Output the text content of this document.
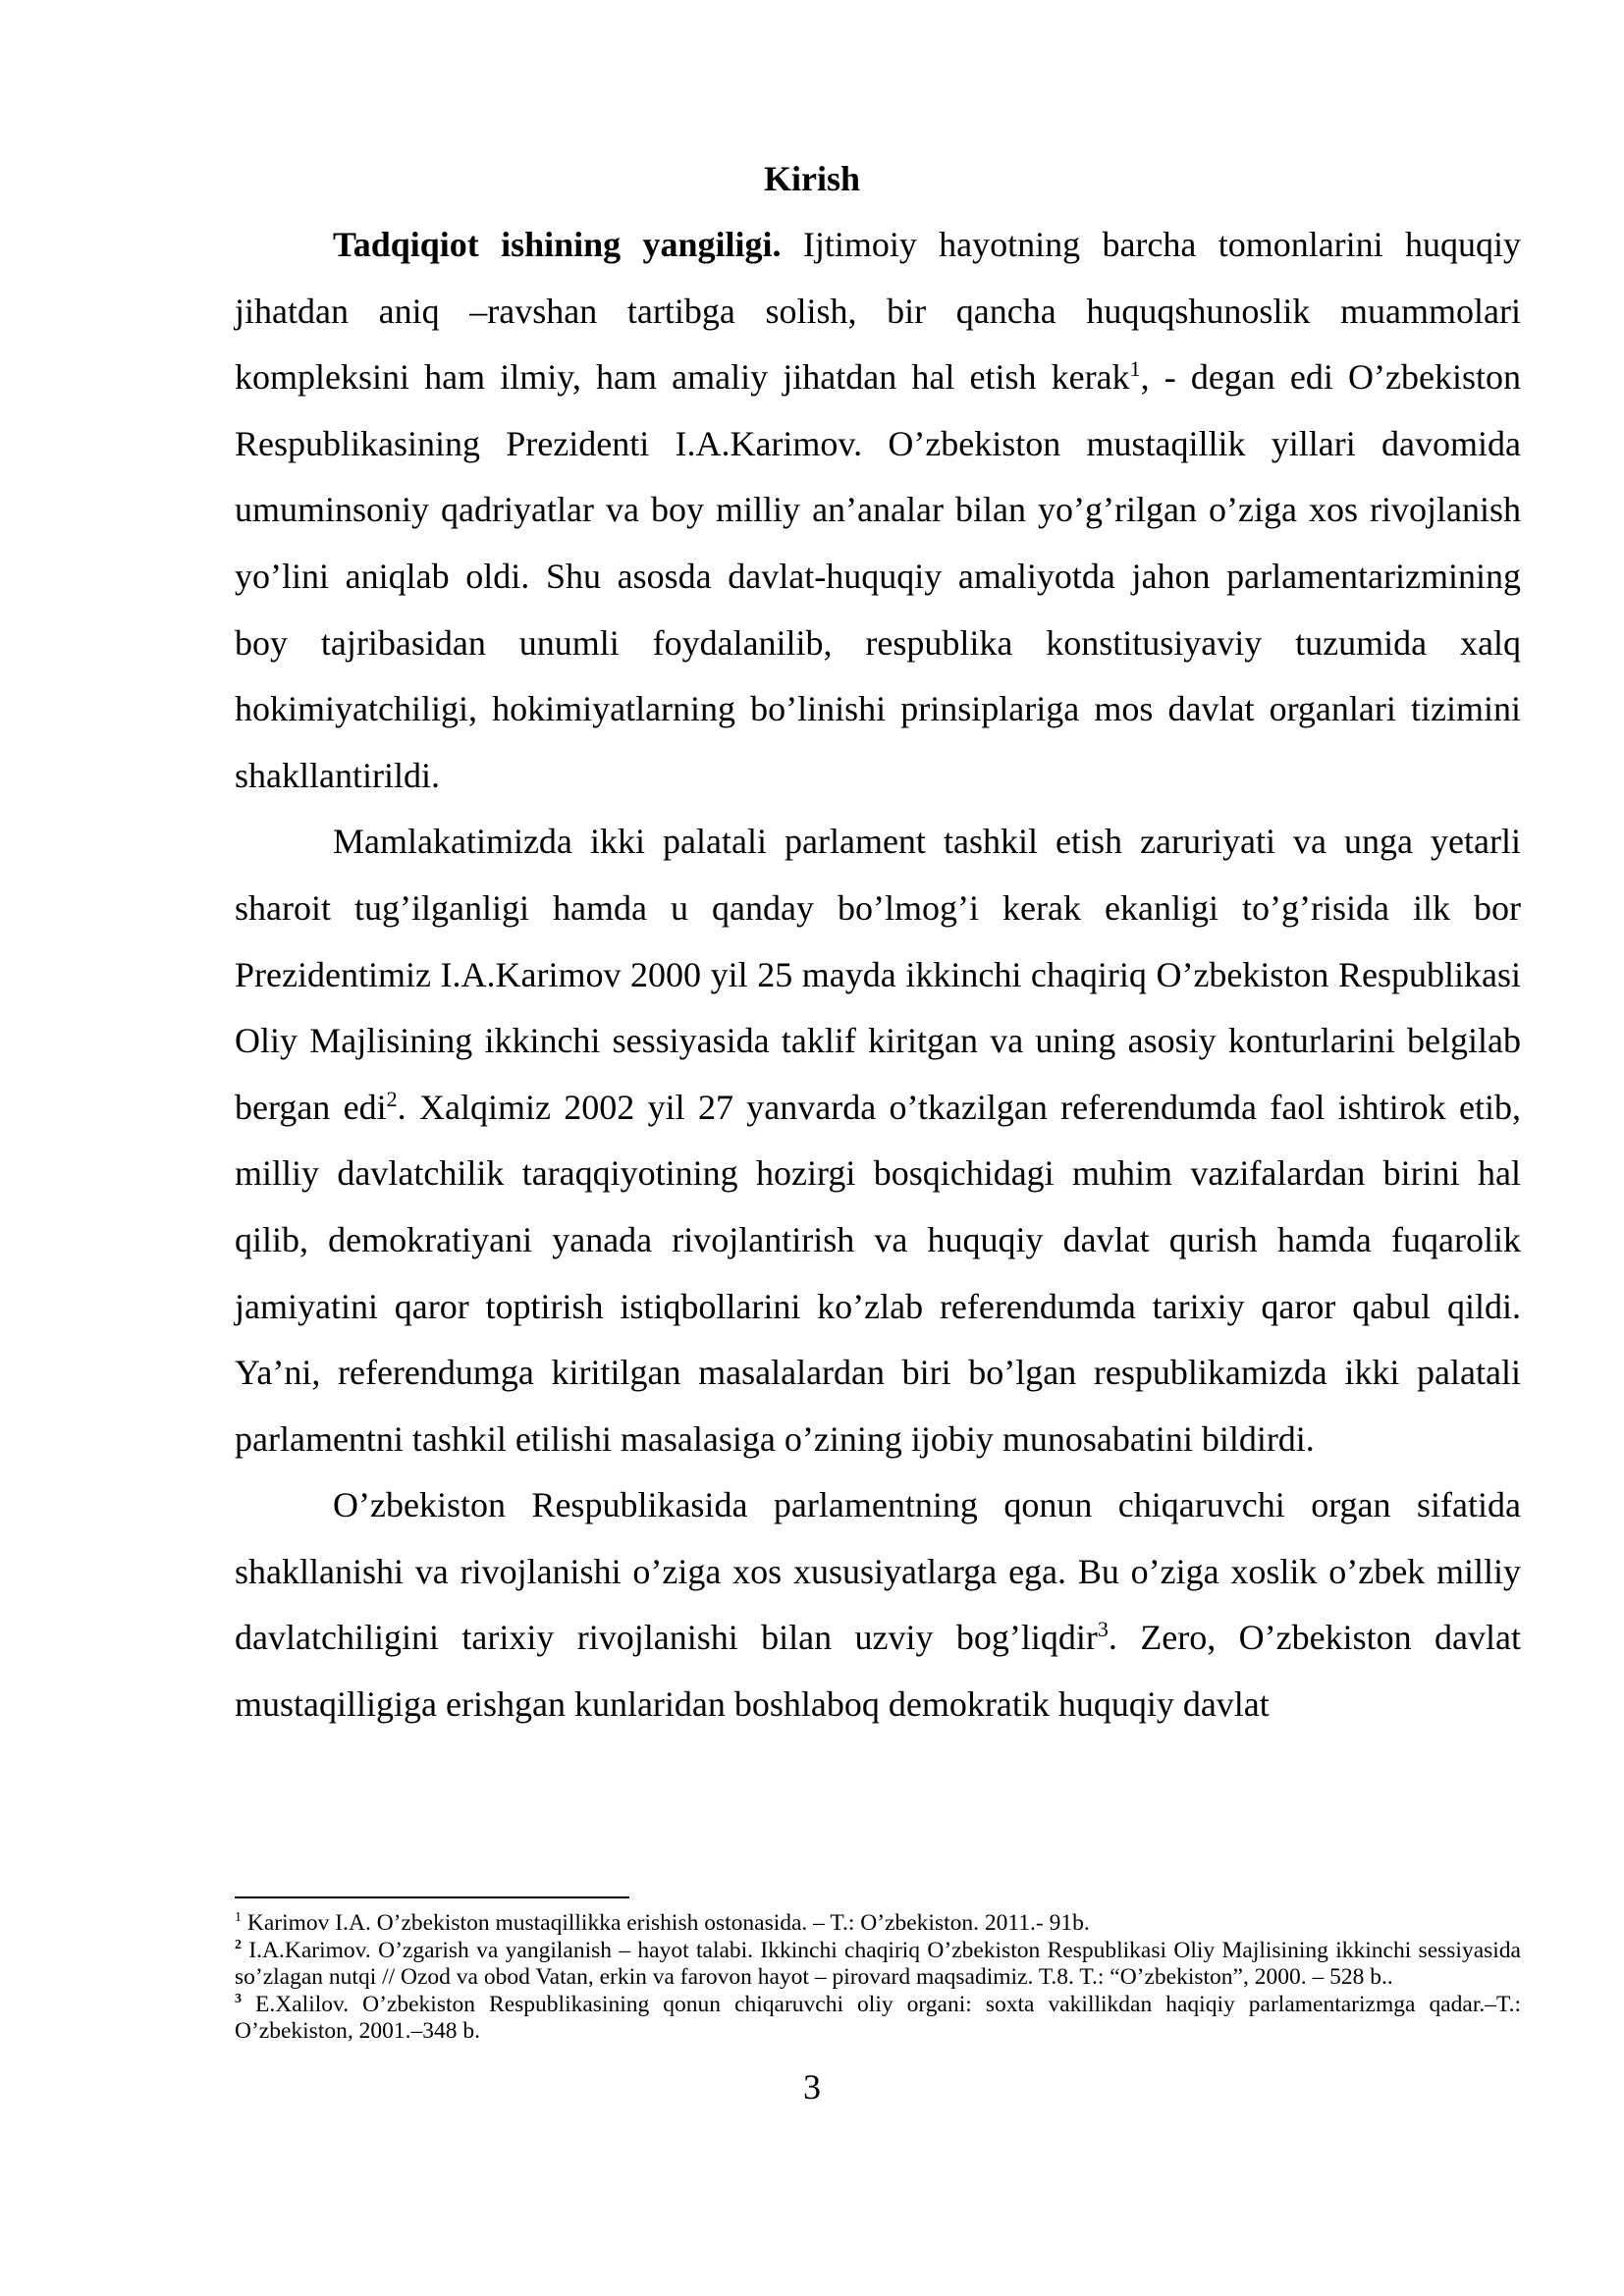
Kirish

Tadqiqiot ishining yangiligi. Ijtimoiy hayotning barcha tomonlarini huquqiy jihatdan aniq –ravshan tartibga solish, bir qancha huquqshunoslik muammolari kompleksini ham ilmiy, ham amaliy jihatdan hal etish kerak$^1$, - degan edi O’zbekiston Respublikasining Prezidenti I.A.Karimov. O’zbekiston mustaqillik yillari davomida umuminsoniy qadriyatlar va boy milliy an’analar bilan yo’g’rilgan o’ziga xos rivojlanish yo’lini aniqlab oldi. Shu asosda davlat-huquqiy amaliyotda jahon parlamentarizmining boy tajribasidan unumli foydalanilib, respublika konstitusiyaviy tuzumida xalq hokimiyatchiligi, hokimiyatlarning bo’linishi prinsiplariga mos davlat organlari tizimini shakllantirildi.

Mamlakatimizda ikki palatali parlament tashkil etish zaruriyati va unga yetarli sharoit tug’ilganligi hamda u qanday bo’lmog’i kerak ekanligi to’g’risida ilk bor Prezidentimiz I.A.Karimov 2000 yil 25 mayda ikkinchi chaqiriq O’zbekiston Respublikasi Oliy Majlisining ikkinchi sessiyasida taklif kiritgan va uning asosiy konturlarini belgilab bergan edi$^2$. Xalqimiz 2002 yil 27 yanvarda o’tkazilgan referendumda faol ishtirok etib, milliy davlatchilik taraqqiyotining hozirgi bosqichidagi muhim vazifalardan birini hal qilib, demokratiyani yanada rivojlantirish va huquqiy davlat qurish hamda fuqarolik jamiyatini qaror toptirish istiqbollarini ko’zlab referendumda tarixiy qaror qabul qildi. Ya’ni, referendumga kiritilgan masalalardan biri bo’lgan respublikamizda ikki palatali parlamentni tashkil etilishi masalasiga o’zining ijobiy munosabatini bildirdi.

O’zbekiston Respublikasida parlamentning qonun chiqaruvchi organ sifatida shakllanishi va rivojlanishi o’ziga xos xususiyatlarga ega. Bu o’ziga xoslik o’zbek milliy davlatchiligini tarixiy rivojlanishi bilan uzviy bog’liqdir$^3$. Zero, O’zbekiston davlat mustaqilligiga erishgan kunlaridan boshlaboq demokratik huquqiy davlat

$^1$ Karimov I.A. O’zbekiston mustaqillikka erishish ostonasida. – T.: O’zbekiston. 2011.- 91b.

$^2$ I.A.Karimov. O’zgarish va yangilanish – hayot talabi. Ikkinchi chaqiriq O’zbekiston Respublikasi Oliy Majlisining ikkinchi sessiyasida so’zlagan nutqi // Ozod va obod Vatan, erkin va farovon hayot – pirovard maqsadimiz. T.8. T.: “O’zbekiston”, 2000. – 528 b..

$^3$ E.Xalilov. O’zbekiston Respublikasining qonun chiqaruvchi oliy organi: soxta vakillikdan haqiqiy parlamentarizmga qadar.–T.: O’zbekiston, 2001.–348 b.

3
